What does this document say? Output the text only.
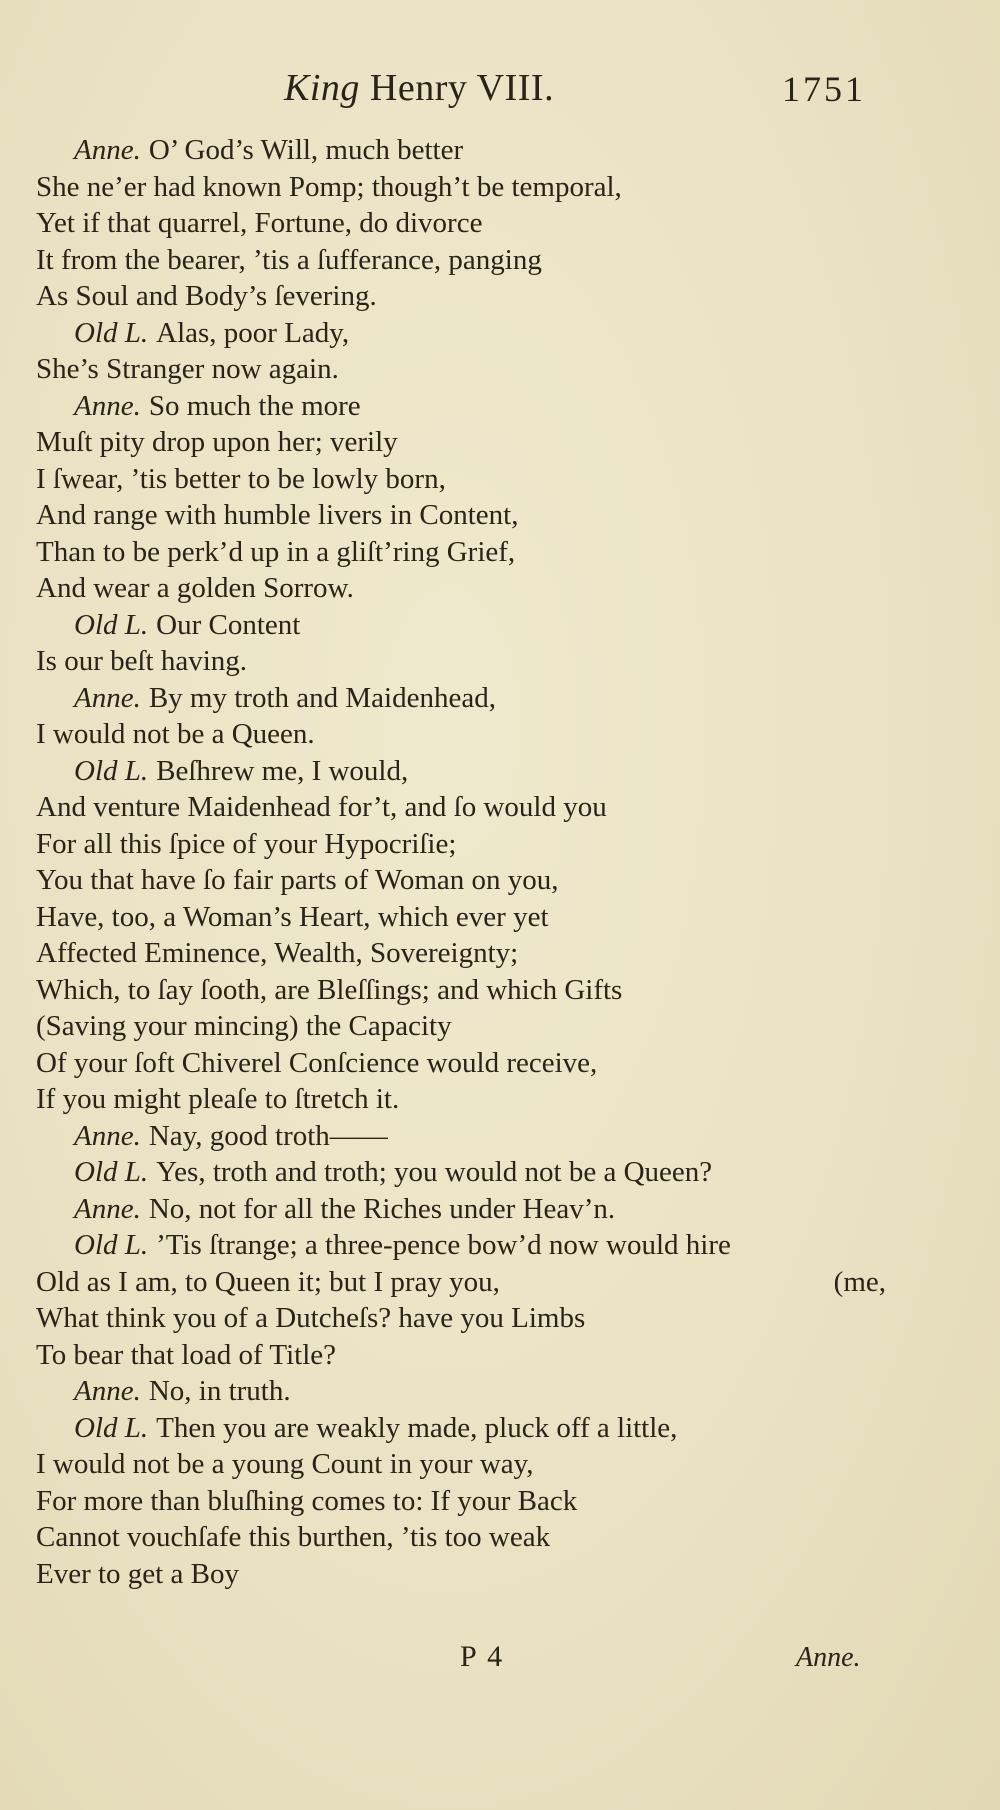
King Henry VIII.	1751
Anne. O’ God’s Will, much better
She ne’er had known Pomp; though’t be temporal,
Yet if that quarrel, Fortune, do divorce
It from the bearer, ’tis a ſufferance, panging
As Soul and Body’s ſevering.
Old L. Alas, poor Lady,
She’s Stranger now again.
Anne. So much the more
Muſt pity drop upon her; verily
I ſwear, ’tis better to be lowly born,
And range with humble livers in Content,
Than to be perk’d up in a gliſt’ring Grief,
And wear a golden Sorrow.
Old L. Our Content
Is our beſt having.
Anne. By my troth and Maidenhead,
I would not be a Queen.
Old L. Beſhrew me, I would,
And venture Maidenhead for’t, and ſo would you
For all this ſpice of your Hypocriſie;
You that have ſo fair parts of Woman on you,
Have, too, a Woman’s Heart, which ever yet
Affected Eminence, Wealth, Sovereignty;
Which, to ſay ſooth, are Bleſſings; and which Gifts
(Saving your mincing) the Capacity
Of your ſoft Chiverel Conſcience would receive,
If you might pleaſe to ſtretch it.
Anne. Nay, good troth——
Old L. Yes, troth and troth; you would not be a Queen?
Anne. No, not for all the Riches under Heav’n.
Old L. ’Tis ſtrange; a three-pence bow’d now would hire
Old as I am, to Queen it; but I pray you,	(me,
What think you of a Dutcheſs? have you Limbs
To bear that load of Title?
Anne. No, in truth.
Old L. Then you are weakly made, pluck off a little,
I would not be a young Count in your way,
For more than bluſhing comes to: If your Back
Cannot vouchſafe this burthen, ’tis too weak
Ever to get a Boy
P 4	Anne.
